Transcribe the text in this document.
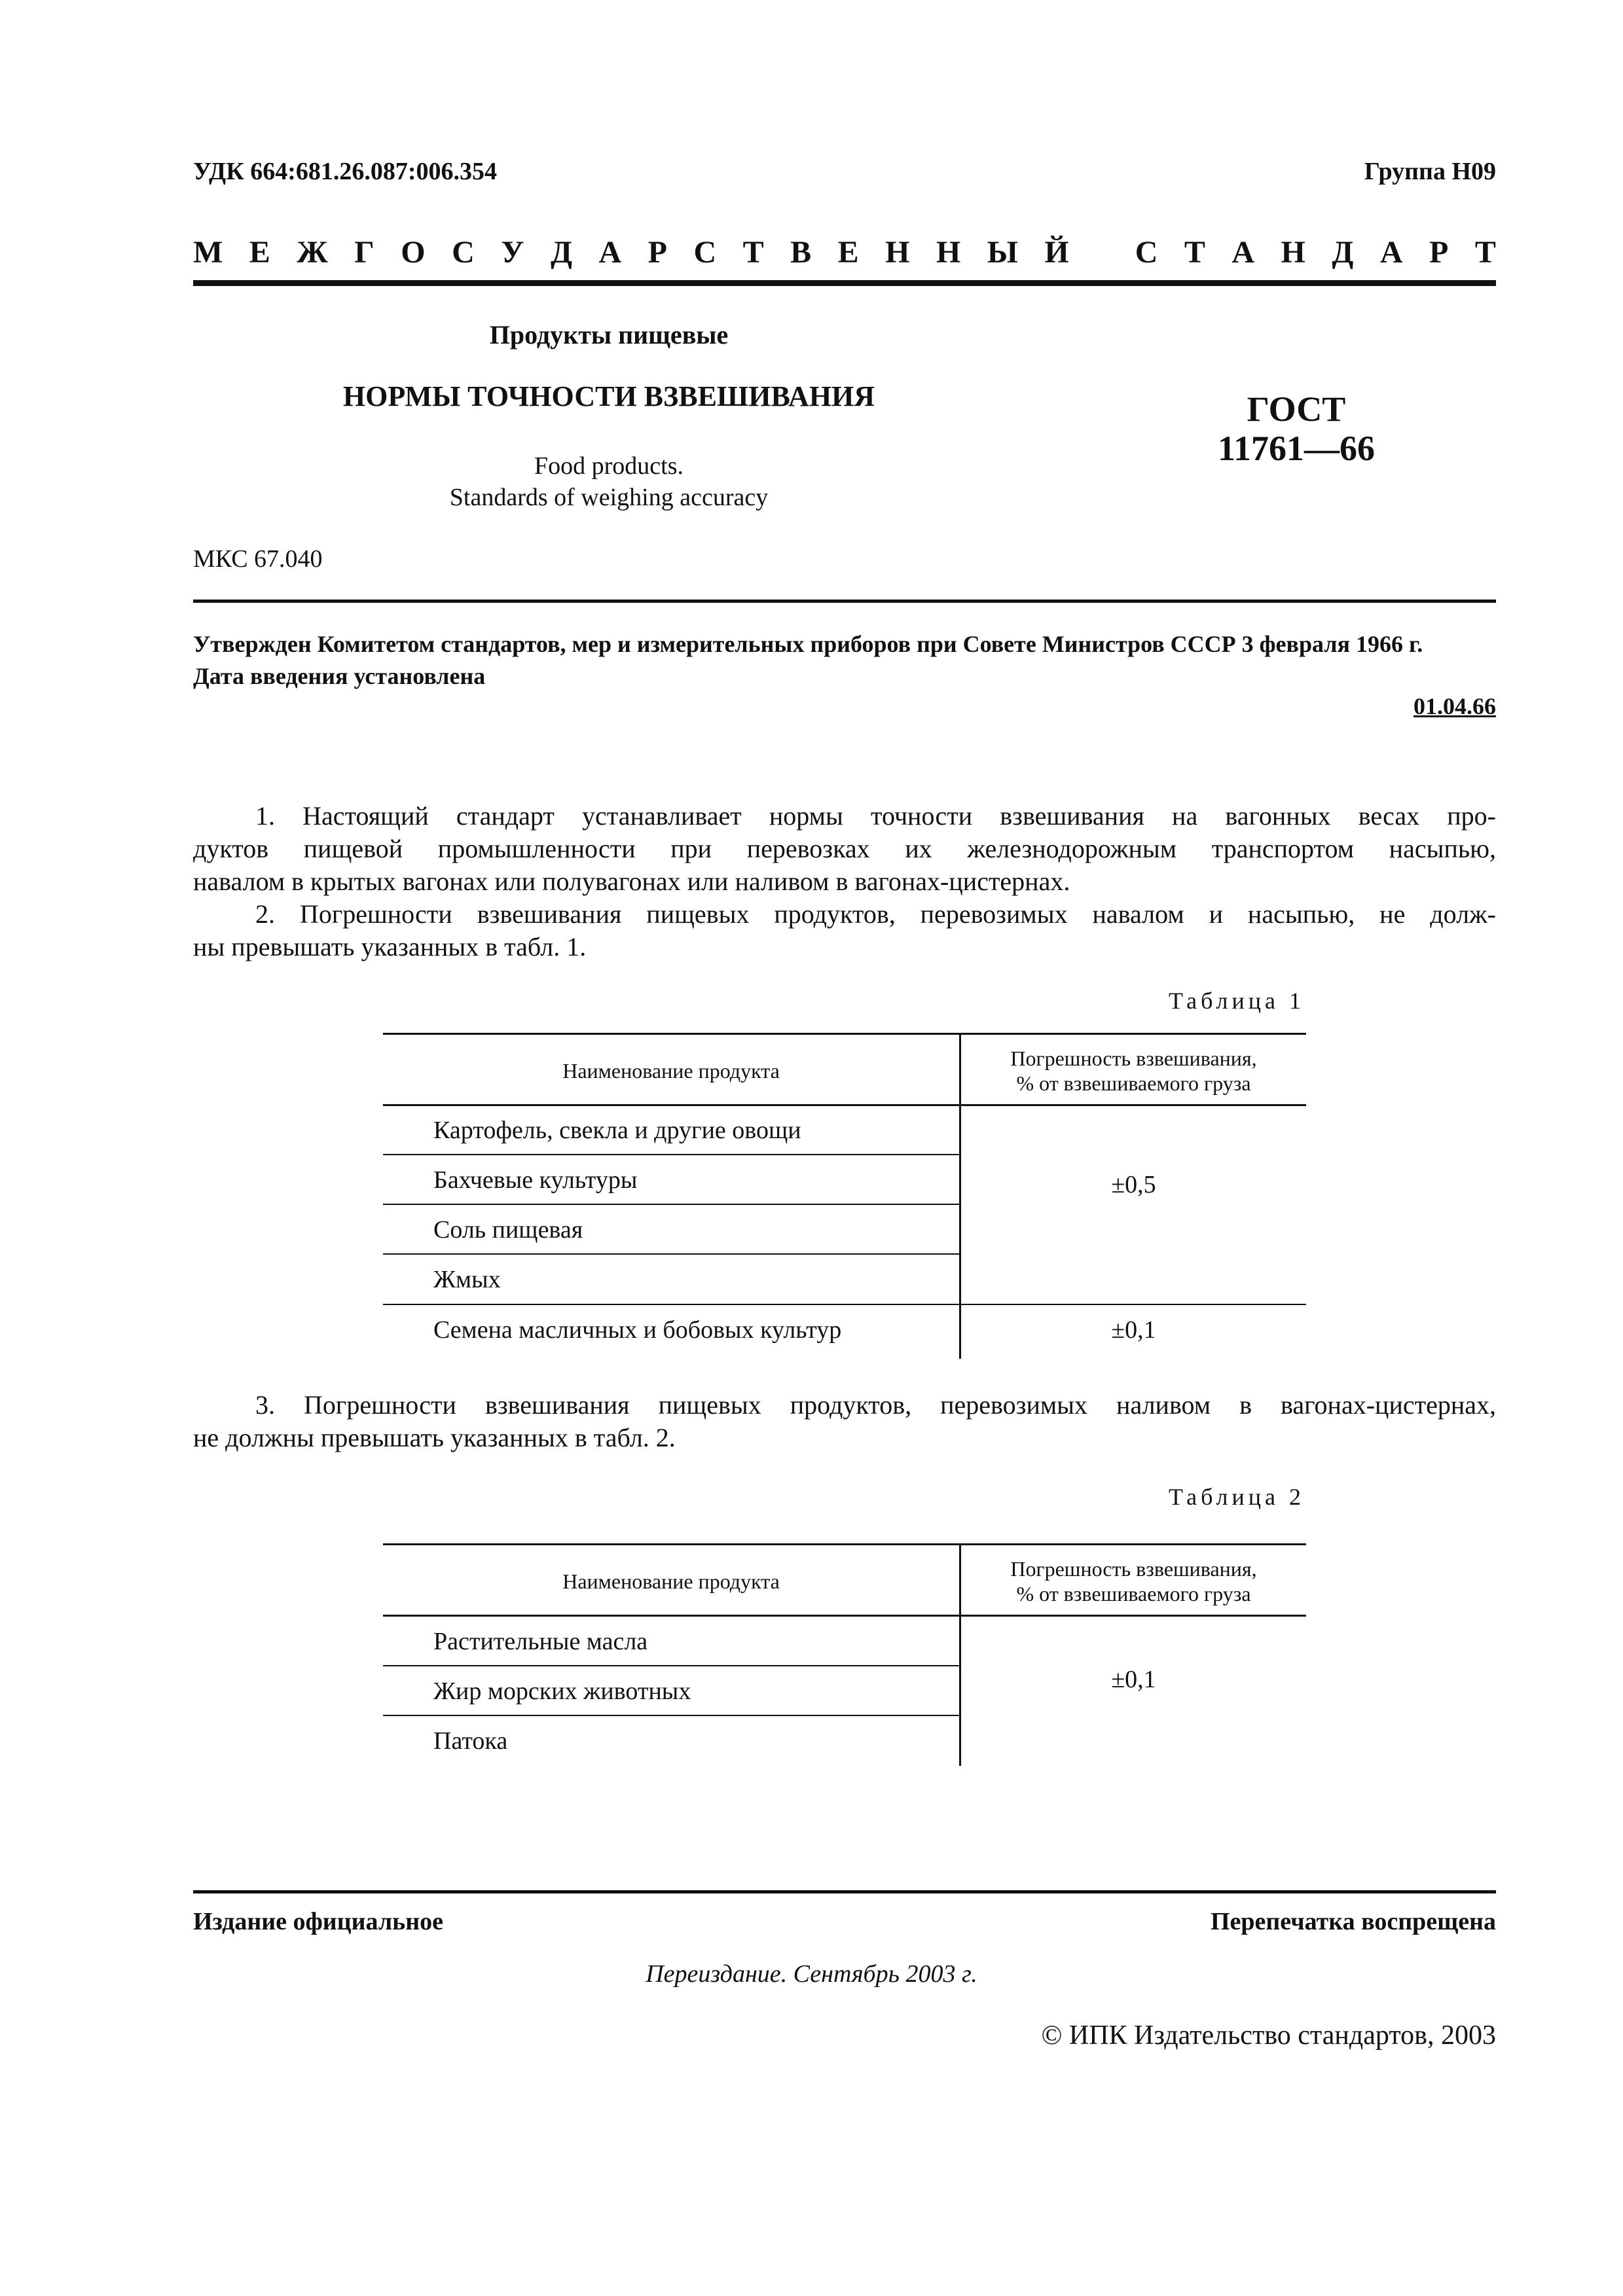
УДК 664:681.26.087:006.354	Группа Н09
М Е Ж Г О С У Д А Р С Т В Е Н Н Ы Й С Т А Н Д А Р Т
Продукты пищевые
НОРМЫ ТОЧНОСТИ ВЗВЕШИВАНИЯ
Food products.
Standards of weighing accuracy
ГОСТ
11761—66
МКС 67.040
Утвержден Комитетом стандартов, мер и измерительных приборов при Совете Министров СССР 3 февраля 1966 г.
Дата введения установлена
01.04.66
1. Настоящий стандарт устанавливает нормы точности взвешивания на вагонных весах про-
дуктов пищевой промышленности при перевозках их железнодорожным транспортом насыпью,
навалом в крытых вагонах или полувагонах или наливом в вагонах-цистернах.
2. Погрешности взвешивания пищевых продуктов, перевозимых навалом и насыпью, не долж-
ны превышать указанных в табл. 1.
Таблица 1
Наименование продукта
Погрешность взвешивания,
% от взвешиваемого груза
Картофель, свекла и другие овощи
Бахчевые культуры
Соль пищевая
Жмых
Семена масличных и бобовых культур
±0,5
±0,1
3. Погрешности взвешивания пищевых продуктов, перевозимых наливом в вагонах-цистернах,
не должны превышать указанных в табл. 2.
Таблица 2
Наименование продукта
Погрешность взвешивания,
% от взвешиваемого груза
Растительные масла
Жир морских животных
Патока
±0,1
Издание официальное	Перепечатка воспрещена
Переиздание. Сентябрь 2003 г.
© ИПК Издательство стандартов, 2003
